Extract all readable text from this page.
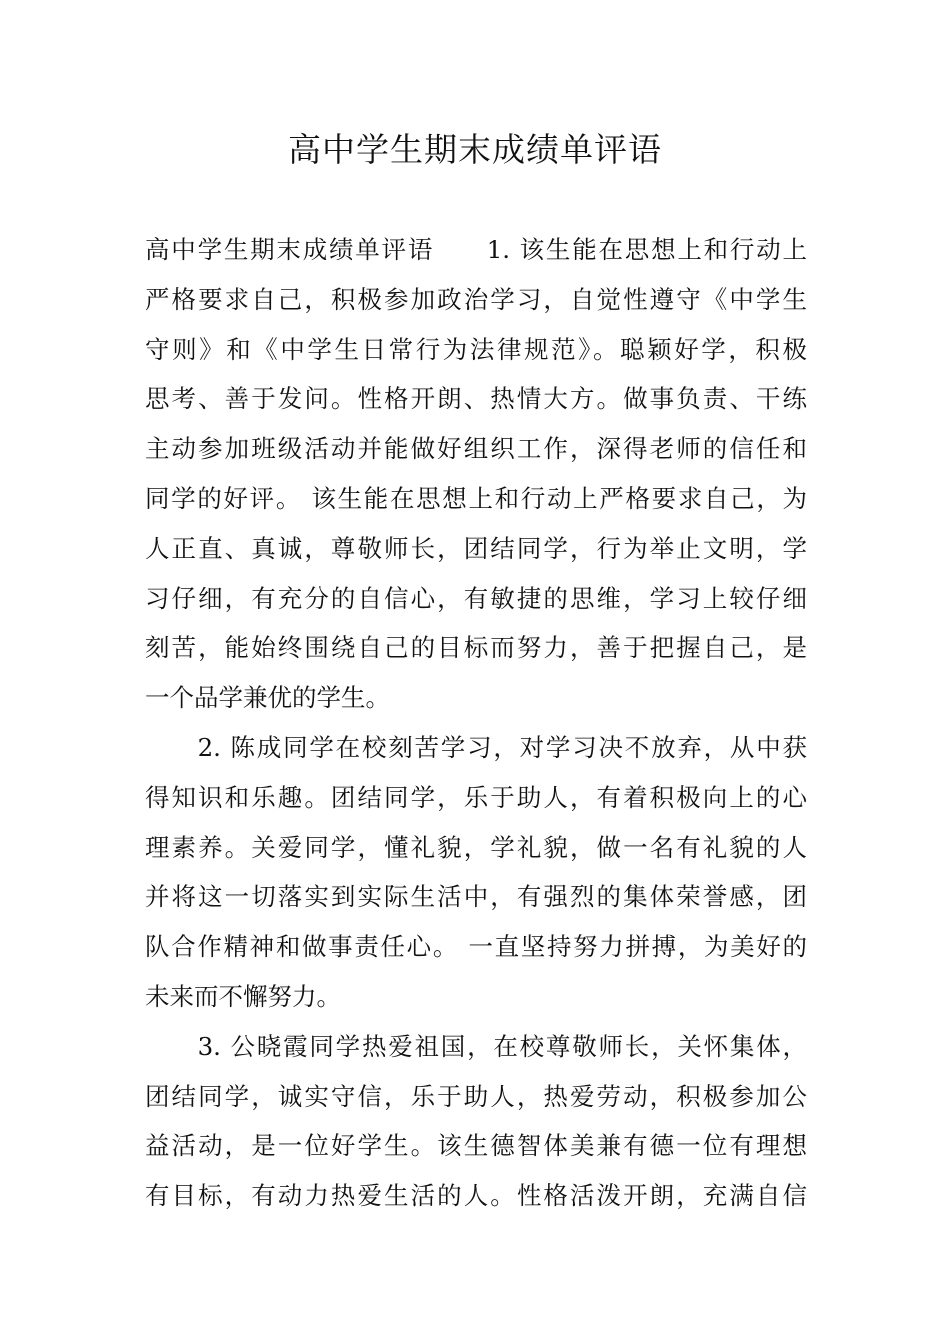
高中学生期末成绩单评语
高中学生期末成绩单评语　　1. 该生能在思想上和行动上
严格要求自己，积极参加政治学习，自觉性遵守《中学生
守则》和《中学生日常行为法律规范》。聪颖好学，积极
思考、善于发问。性格开朗、热情大方。做事负责、干练
主动参加班级活动并能做好组织工作，深得老师的信任和
同学的好评。 该生能在思想上和行动上严格要求自己，为
人正直、真诚，尊敬师长，团结同学，行为举止文明，学
习仔细，有充分的自信心，有敏捷的思维，学习上较仔细
刻苦，能始终围绕自己的目标而努力，善于把握自己，是
一个品学兼优的学生。
　　2. 陈成同学在校刻苦学习，对学习决不放弃，从中获
得知识和乐趣。团结同学，乐于助人，有着积极向上的心
理素养。关爱同学，懂礼貌，学礼貌，做一名有礼貌的人
并将这一切落实到实际生活中，有强烈的集体荣誉感，团
队合作精神和做事责任心。 一直坚持努力拼搏，为美好的
未来而不懈努力。
　　3. 公晓霞同学热爱祖国，在校尊敬师长，关怀集体，
团结同学，诚实守信，乐于助人，热爱劳动，积极参加公
益活动，是一位好学生。该生德智体美兼有德一位有理想
有目标，有动力热爱生活的人。性格活泼开朗，充满自信
